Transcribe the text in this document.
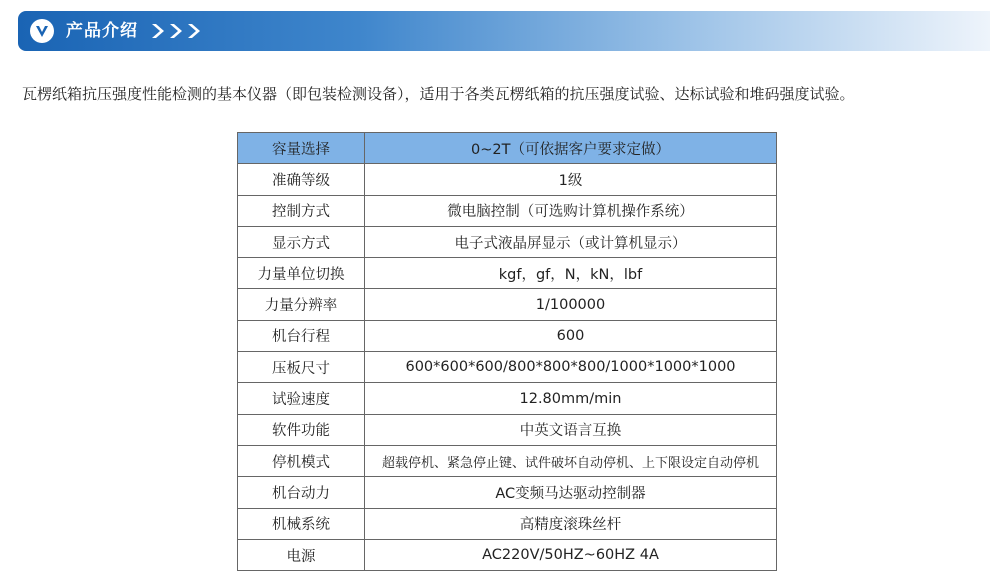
产品介绍
瓦楞纸箱抗压强度性能检测的基本仪器（即包装检测设备），适用于各类瓦楞纸箱的抗压强度试验、达标试验和堆码强度试验。
容量选择	0~2T（可依据客户要求定做）
准确等级	1级
控制方式	微电脑控制（可选购计算机操作系统）
显示方式	电子式液晶屏显示（或计算机显示）
力量单位切换	kgf，gf，N，kN，lbf
力量分辨率	1/100000
机台行程	600
压板尺寸	600*600*600/800*800*800/1000*1000*1000
试验速度	12.80mm/min
软件功能	中英文语言互换
停机模式	超载停机、紧急停止键、试件破坏自动停机、上下限设定自动停机
机台动力	AC变频马达驱动控制器
机械系统	高精度滚珠丝杆
电源	AC220V/50HZ~60HZ 4A
